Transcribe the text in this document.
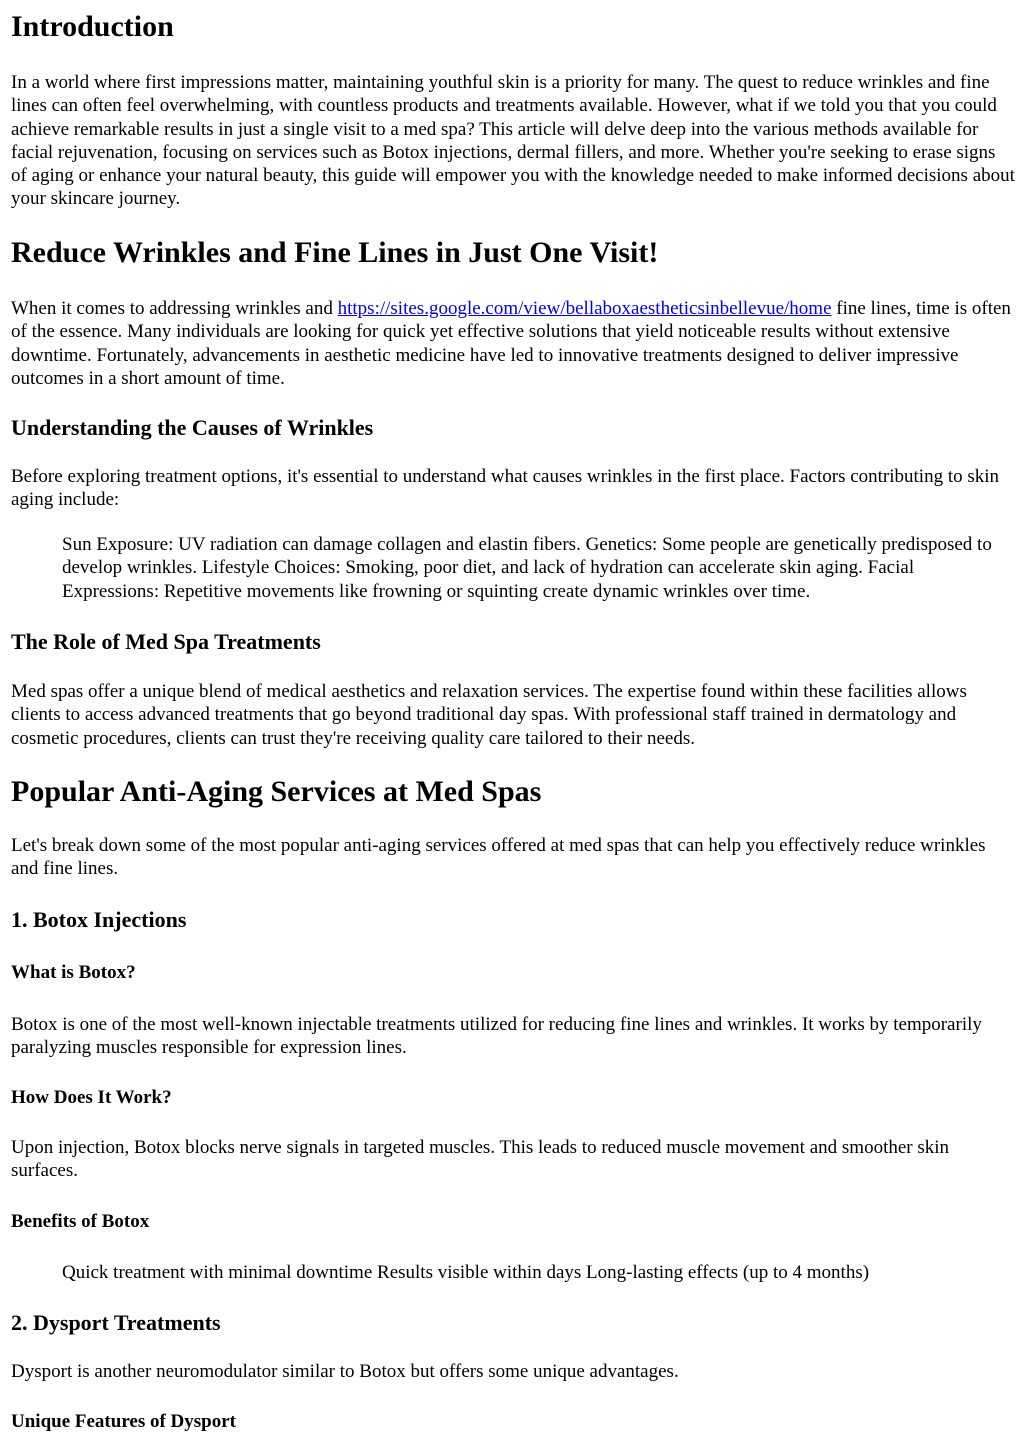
Introduction

In a world where first impressions matter, maintaining youthful skin is a priority for many. The quest to reduce wrinkles and fine lines can often feel overwhelming, with countless products and treatments available. However, what if we told you that you could achieve remarkable results in just a single visit to a med spa? This article will delve deep into the various methods available for facial rejuvenation, focusing on services such as Botox injections, dermal fillers, and more. Whether you're seeking to erase signs of aging or enhance your natural beauty, this guide will empower you with the knowledge needed to make informed decisions about your skincare journey.

Reduce Wrinkles and Fine Lines in Just One Visit!

When it comes to addressing wrinkles and https://sites.google.com/view/bellaboxaestheticsinbellevue/home fine lines, time is often of the essence. Many individuals are looking for quick yet effective solutions that yield noticeable results without extensive downtime. Fortunately, advancements in aesthetic medicine have led to innovative treatments designed to deliver impressive outcomes in a short amount of time.

Understanding the Causes of Wrinkles

Before exploring treatment options, it's essential to understand what causes wrinkles in the first place. Factors contributing to skin aging include:

Sun Exposure: UV radiation can damage collagen and elastin fibers. Genetics: Some people are genetically predisposed to develop wrinkles. Lifestyle Choices: Smoking, poor diet, and lack of hydration can accelerate skin aging. Facial Expressions: Repetitive movements like frowning or squinting create dynamic wrinkles over time.

The Role of Med Spa Treatments

Med spas offer a unique blend of medical aesthetics and relaxation services. The expertise found within these facilities allows clients to access advanced treatments that go beyond traditional day spas. With professional staff trained in dermatology and cosmetic procedures, clients can trust they're receiving quality care tailored to their needs.

Popular Anti-Aging Services at Med Spas

Let's break down some of the most popular anti-aging services offered at med spas that can help you effectively reduce wrinkles and fine lines.

1. Botox Injections
What is Botox?

Botox is one of the most well-known injectable treatments utilized for reducing fine lines and wrinkles. It works by temporarily paralyzing muscles responsible for expression lines.

How Does It Work?

Upon injection, Botox blocks nerve signals in targeted muscles. This leads to reduced muscle movement and smoother skin surfaces.

Benefits of Botox

Quick treatment with minimal downtime Results visible within days Long-lasting effects (up to 4 months)

2. Dysport Treatments

Dysport is another neuromodulator similar to Botox but offers some unique advantages.

Unique Features of Dysport
